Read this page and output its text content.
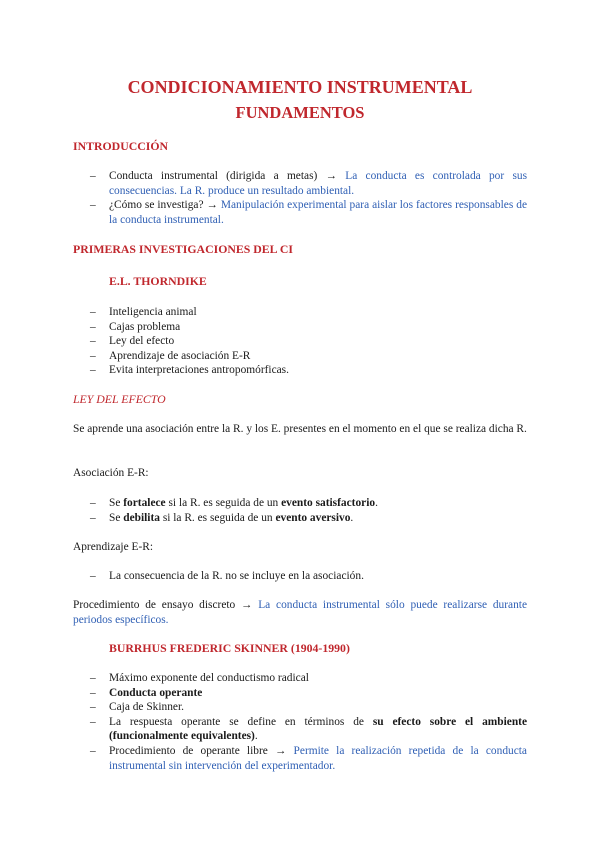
CONDICIONAMIENTO INSTRUMENTAL
FUNDAMENTOS
INTRODUCCIÓN
– Conducta instrumental (dirigida a metas) → La conducta es controlada por sus consecuencias. La R. produce un resultado ambiental.
– ¿Cómo se investiga? → Manipulación experimental para aislar los factores responsables de la conducta instrumental.
PRIMERAS INVESTIGACIONES DEL CI
E.L. THORNDIKE
– Inteligencia animal
– Cajas problema
– Ley del efecto
– Aprendizaje de asociación E-R
– Evita interpretaciones antropomórficas.
LEY DEL EFECTO

Se aprende una asociación entre la R. y los E. presentes en el momento en el que se realiza dicha R.

Asociación E-R:

– Se fortalece si la R. es seguida de un evento satisfactorio.
– Se debilita si la R. es seguida de un evento aversivo.

Aprendizaje E-R:

– La consecuencia de la R. no se incluye en la asociación.

Procedimiento de ensayo discreto → La conducta instrumental sólo puede realizarse durante periodos específicos.

BURRHUS FREDERIC SKINNER (1904-1990)
– Máximo exponente del conductismo radical
– Conducta operante
– Caja de Skinner.
– La respuesta operante se define en términos de su efecto sobre el ambiente (funcionalmente equivalentes).
– Procedimiento de operante libre → Permite la realización repetida de la conducta instrumental sin intervención del experimentador.
